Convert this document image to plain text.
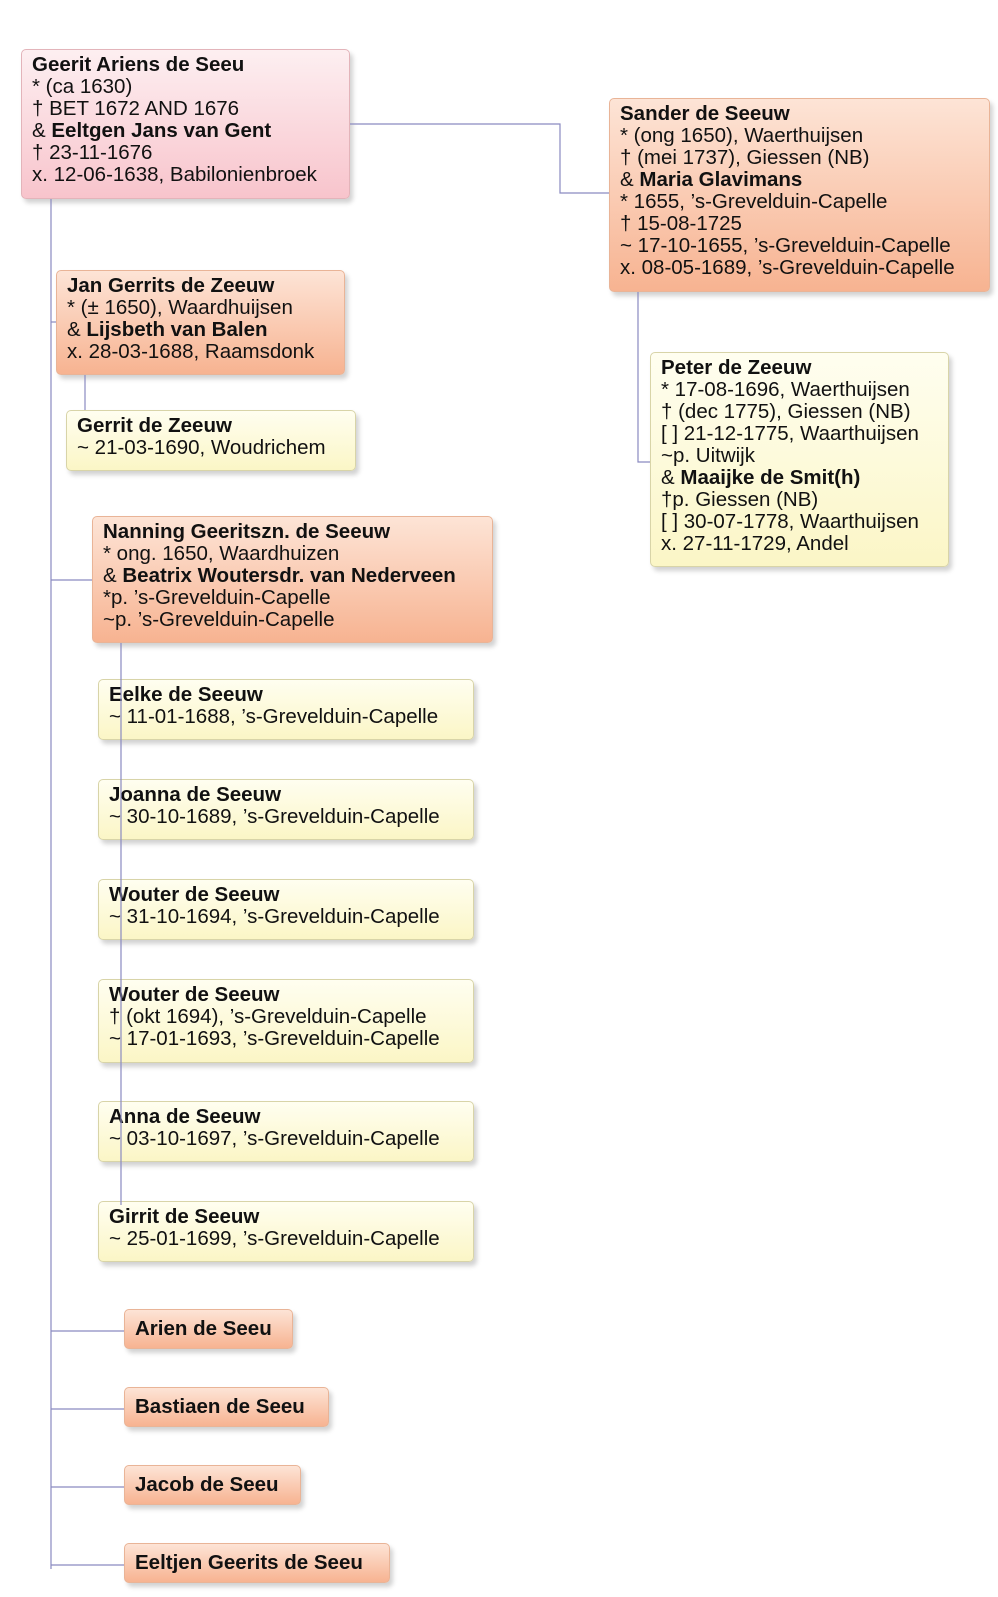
Geerit Ariens de Seeu
* (ca 1630)
† BET 1672 AND 1676
& Eeltgen Jans van Gent
† 23-11-1676
x. 12-06-1638, Babilonienbroek
Sander de Seeuw
* (ong 1650), Waerthuijsen
† (mei 1737), Giessen (NB)
& Maria Glavimans
* 1655, ’s-Grevelduin-Capelle
† 15-08-1725
~ 17-10-1655, ’s-Grevelduin-Capelle
x. 08-05-1689, ’s-Grevelduin-Capelle
Peter de Zeeuw
* 17-08-1696, Waerthuijsen
† (dec 1775), Giessen (NB)
[ ] 21-12-1775, Waarthuijsen
~p. Uitwijk
& Maaijke de Smit(h)
†p. Giessen (NB)
[ ] 30-07-1778, Waarthuijsen
x. 27-11-1729, Andel
Jan Gerrits de Zeeuw
* (± 1650), Waardhuijsen
& Lijsbeth van Balen
x. 28-03-1688, Raamsdonk
Gerrit de Zeeuw
~ 21-03-1690, Woudrichem
Nanning Geeritszn. de Seeuw
* ong. 1650, Waardhuizen
& Beatrix Woutersdr. van Nederveen
*p. ’s-Grevelduin-Capelle
~p. ’s-Grevelduin-Capelle
Eelke de Seeuw
~ 11-01-1688, ’s-Grevelduin-Capelle
Joanna de Seeuw
~ 30-10-1689, ’s-Grevelduin-Capelle
Wouter de Seeuw
~ 31-10-1694, ’s-Grevelduin-Capelle
Wouter de Seeuw
† (okt 1694), ’s-Grevelduin-Capelle
~ 17-01-1693, ’s-Grevelduin-Capelle
Anna de Seeuw
~ 03-10-1697, ’s-Grevelduin-Capelle
Girrit de Seeuw
~ 25-01-1699, ’s-Grevelduin-Capelle
Arien de Seeu
Bastiaen de Seeu
Jacob de Seeu
Eeltjen Geerits de Seeu
